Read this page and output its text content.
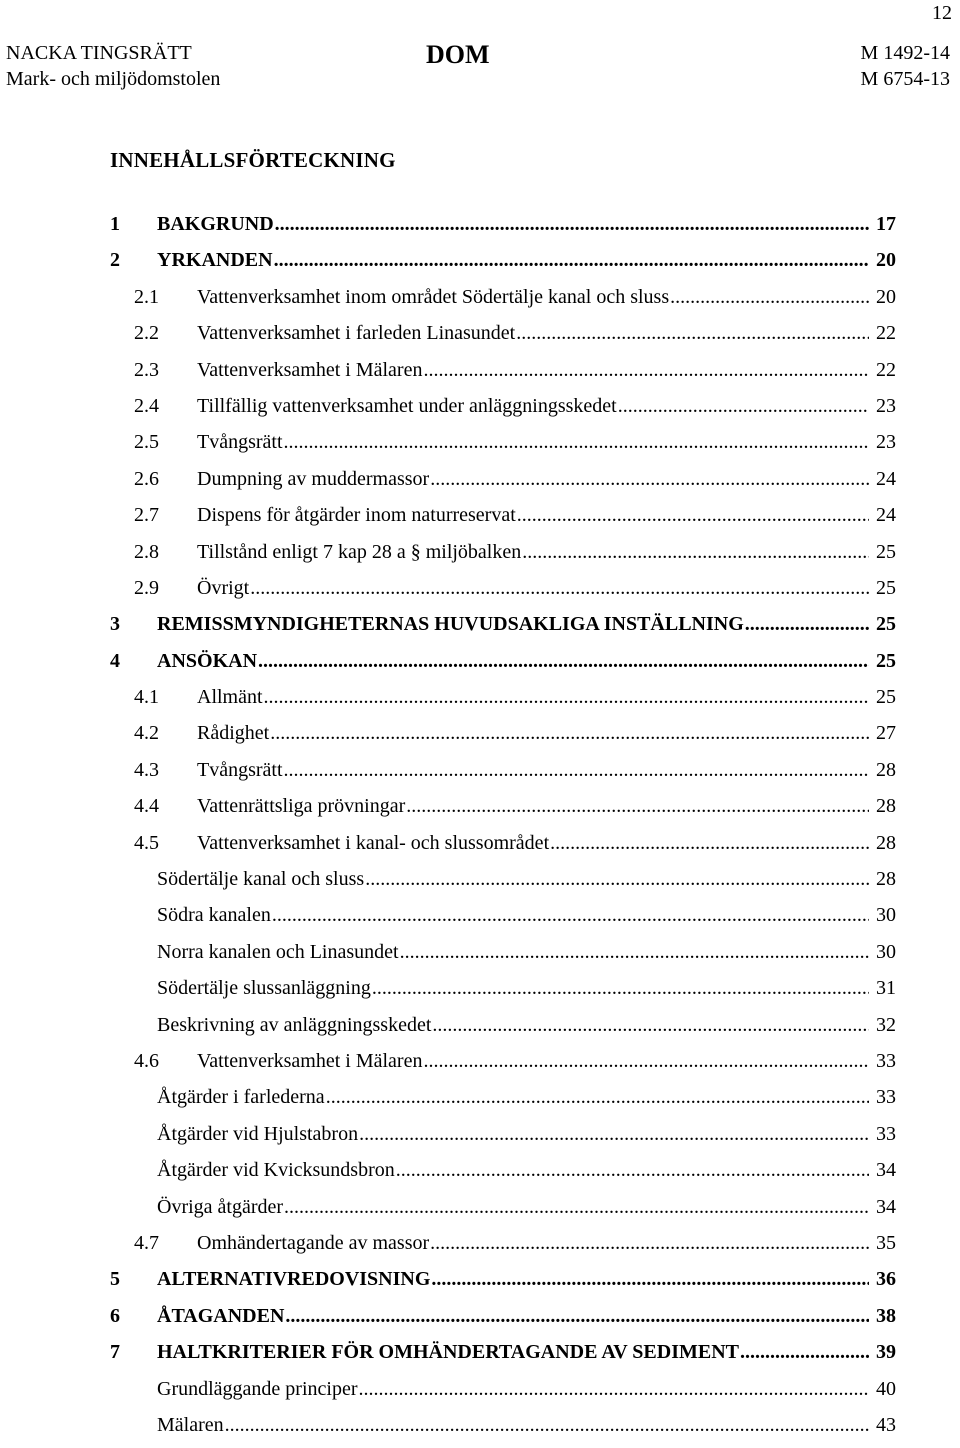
12
NACKA TINGSRÄTT
Mark- och miljödomstolen
DOM	M 1492-14
M 6754-13
INNEHÅLLSFÖRTECKNING
1	BAKGRUND .....	17
2	YRKANDEN .....	20
2.1	Vattenverksamhet inom området Södertälje kanal och sluss .....	20
2.2	Vattenverksamhet i farleden Linasundet .....	22
2.3	Vattenverksamhet i Mälaren .....	22
2.4	Tillfällig vattenverksamhet under anläggningsskedet .....	23
2.5	Tvångsrätt .....	23
2.6	Dumpning av muddermassor .....	24
2.7	Dispens för åtgärder inom naturreservat .....	24
2.8	Tillstånd enligt 7 kap 28 a § miljöbalken .....	25
2.9	Övrigt .....	25
3	REMISSMYNDIGHETERNAS HUVUDSAKLIGA INSTÄLLNING .....	25
4	ANSÖKAN .....	25
4.1	Allmänt .....	25
4.2	Rådighet .....	27
4.3	Tvångsrätt .....	28
4.4	Vattenrättsliga prövningar .....	28
4.5	Vattenverksamhet i kanal- och slussområdet .....	28
Södertälje kanal och sluss .....	28
Södra kanalen .....	30
Norra kanalen och Linasundet .....	30
Södertälje slussanläggning .....	31
Beskrivning av anläggningsskedet .....	32
4.6	Vattenverksamhet i Mälaren .....	33
Åtgärder i farlederna .....	33
Åtgärder vid Hjulstabron .....	33
Åtgärder vid Kvicksundsbron .....	34
Övriga åtgärder .....	34
4.7	Omhändertagande av massor .....	35
5	ALTERNATIVREDOVISNING .....	36
6	ÅTAGANDEN .....	38
7	HALTKRITERIER FÖR OMHÄNDERTAGANDE AV SEDIMENT .....	39
Grundläggande principer .....	40
Mälaren .....	43
